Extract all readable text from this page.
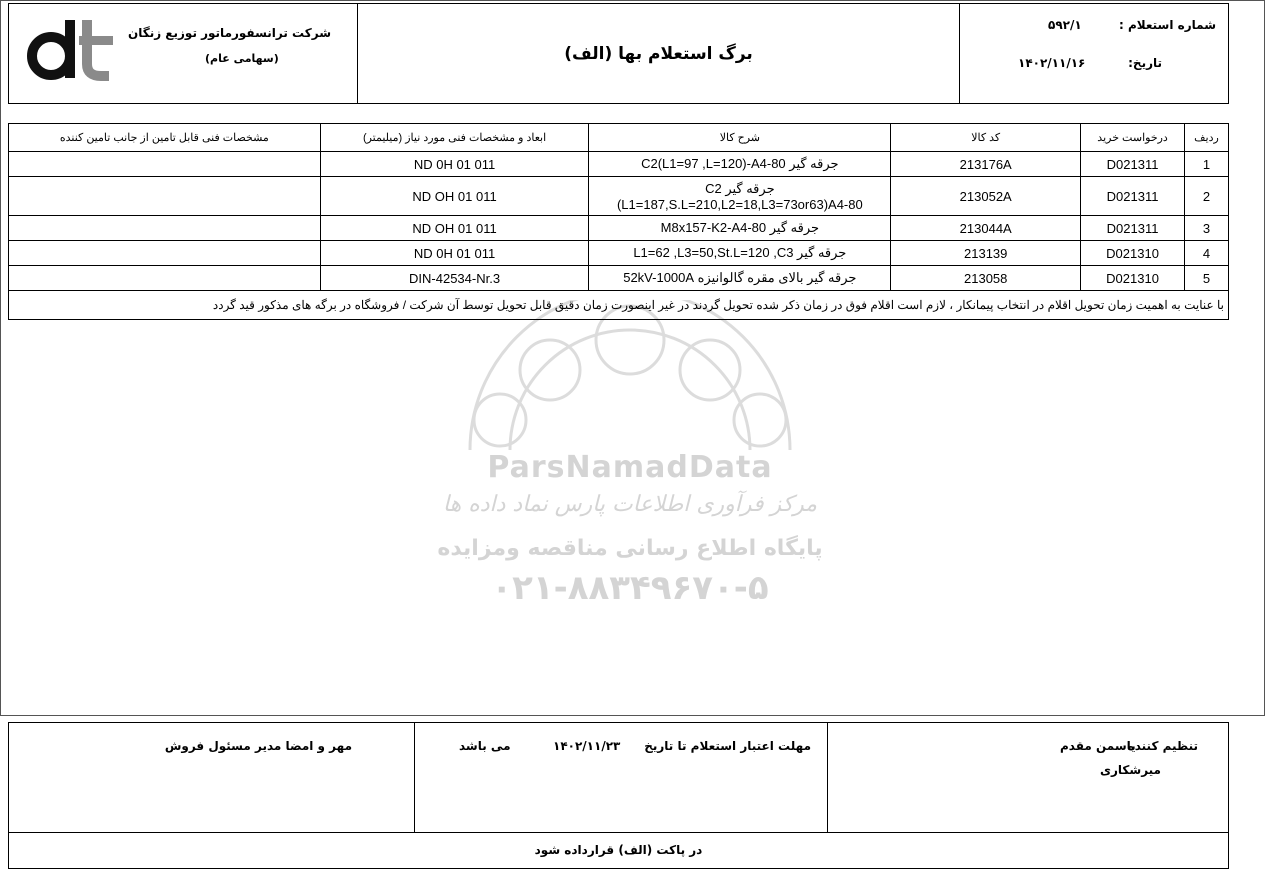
شرکت ترانسفورماتور توزیع زنگان
(سهامی عام)	برگ استعلام بها (الف)
شماره استعلام :
۵۹۲/۱
تاریخ:
۱۴۰۲/۱۱/۱۶
ParsNamadData
مرکز فرآوری اطلاعات پارس نماد داده ها
پایگاه اطلاع رسانی مناقصه ومزایده
۰۲۱-۸۸۳۴۹۶۷۰-۵
ردیف	درخواست خرید	کد کالا	شرح کالا	ابعاد و مشخصات فنی مورد نیاز (میلیمتر)	مشخصات فنی قابل تامین از جانب تامین کننده
1	D021311	213176A	جرقه گیر C2(L1=97 ,L=120)-A4-80	ND 0H 01 011	
2	D021311	213052A	جرقه گیر C2
(L1=187,S.L=210,L2=18,L3=73or63)A4-80	ND OH 01 011	
3	D021311	213044A	جرقه گیر M8x157-K2-A4-80	ND OH 01 011	
4	D021310	213139	جرقه گیر L1=62 ,L3=50,St.L=120 ,C3	ND 0H 01 011	
5	D021310	213058	جرقه گیر بالای مقره گالوانیزه 52kV-1000A	DIN-42534-Nr.3	
با عنایت به اهمیت زمان تحویل اقلام در انتخاب پیمانکار ، لازم است اقلام فوق در زمان ذکر شده تحویل گردند در غیر اینصورت زمان دقیق قابل تحویل توسط آن شرکت / فروشگاه در برگه های مذکور قید گردد					
مهر و امضا مدیر مسئول فروش	مهلت اعتبار استعلام تا تاریخ
۱۴۰۲/۱۱/۲۳
می باشد	تنظیم کننده
یاسمن مقدم
میرشکاری
در پاکت (الف) قرارداده شود
